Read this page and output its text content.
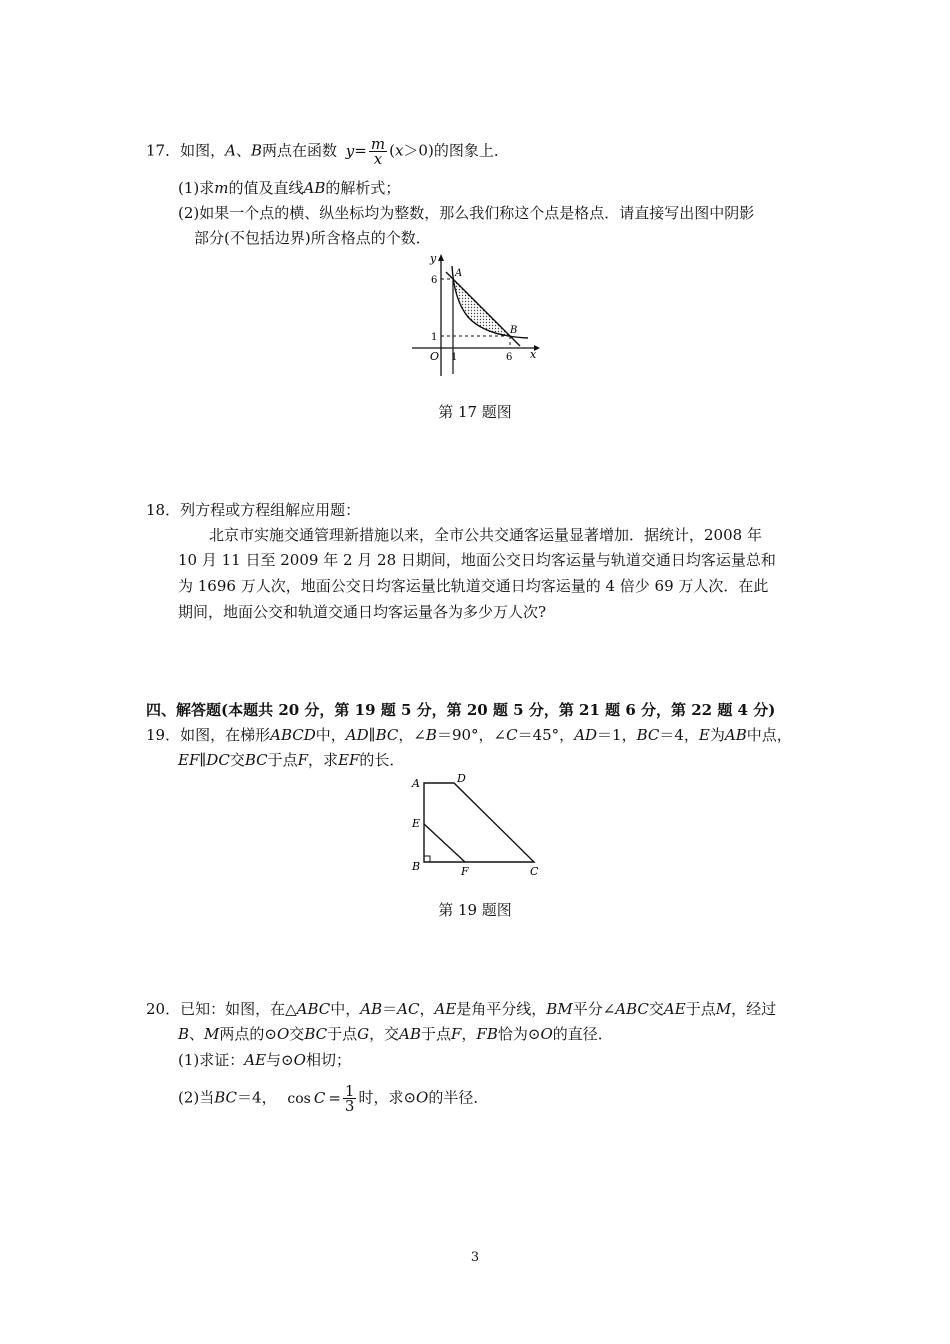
17．如图，A、B两点在函数 $y= \frac{m}{x} (x>0)$的图象上．
(1)求m的值及直线AB的解析式；
(2)如果一个点的横、纵坐标均为整数，那么我们称这个点是格点．请直接写出图中阴影
部分(不包括边界)所含格点的个数．
y
x
O
A
B
6
1
1	6
第 17 题图
18．列方程或方程组解应用题：
北京市实施交通管理新措施以来，全市公共交通客运量显著增加．据统计，2008 年
10 月 11 日至 2009 年 2 月 28 日期间，地面公交日均客运量与轨道交通日均客运量总和
为 1696 万人次，地面公交日均客运量比轨道交通日均客运量的 4 倍少 69 万人次．在此
期间，地面公交和轨道交通日均客运量各为多少万人次?
四、解答题(本题共 20 分，第 19 题 5 分，第 20 题 5 分，第 21 题 6 分，第 22 题 4 分)
19．如图，在梯形ABCD中，AD∥BC，∠B＝90°，∠C＝45°，AD＝1，BC＝4，E为AB中点，
EF∥DC交BC于点F，求EF的长．
A	D
E
B	F	C
第 19 题图
20．已知：如图，在△ABC中，AB＝AC，AE是角平分线，BM平分∠ABC交AE于点M，经过
B、M两点的⊙O交BC于点G，交AB于点F，FB恰为⊙O的直径．
(1)求证：AE与⊙O相切；
(2)当BC＝4， $\cos C = \frac{1}{3}$ 时，求⊙O的半径．
3
